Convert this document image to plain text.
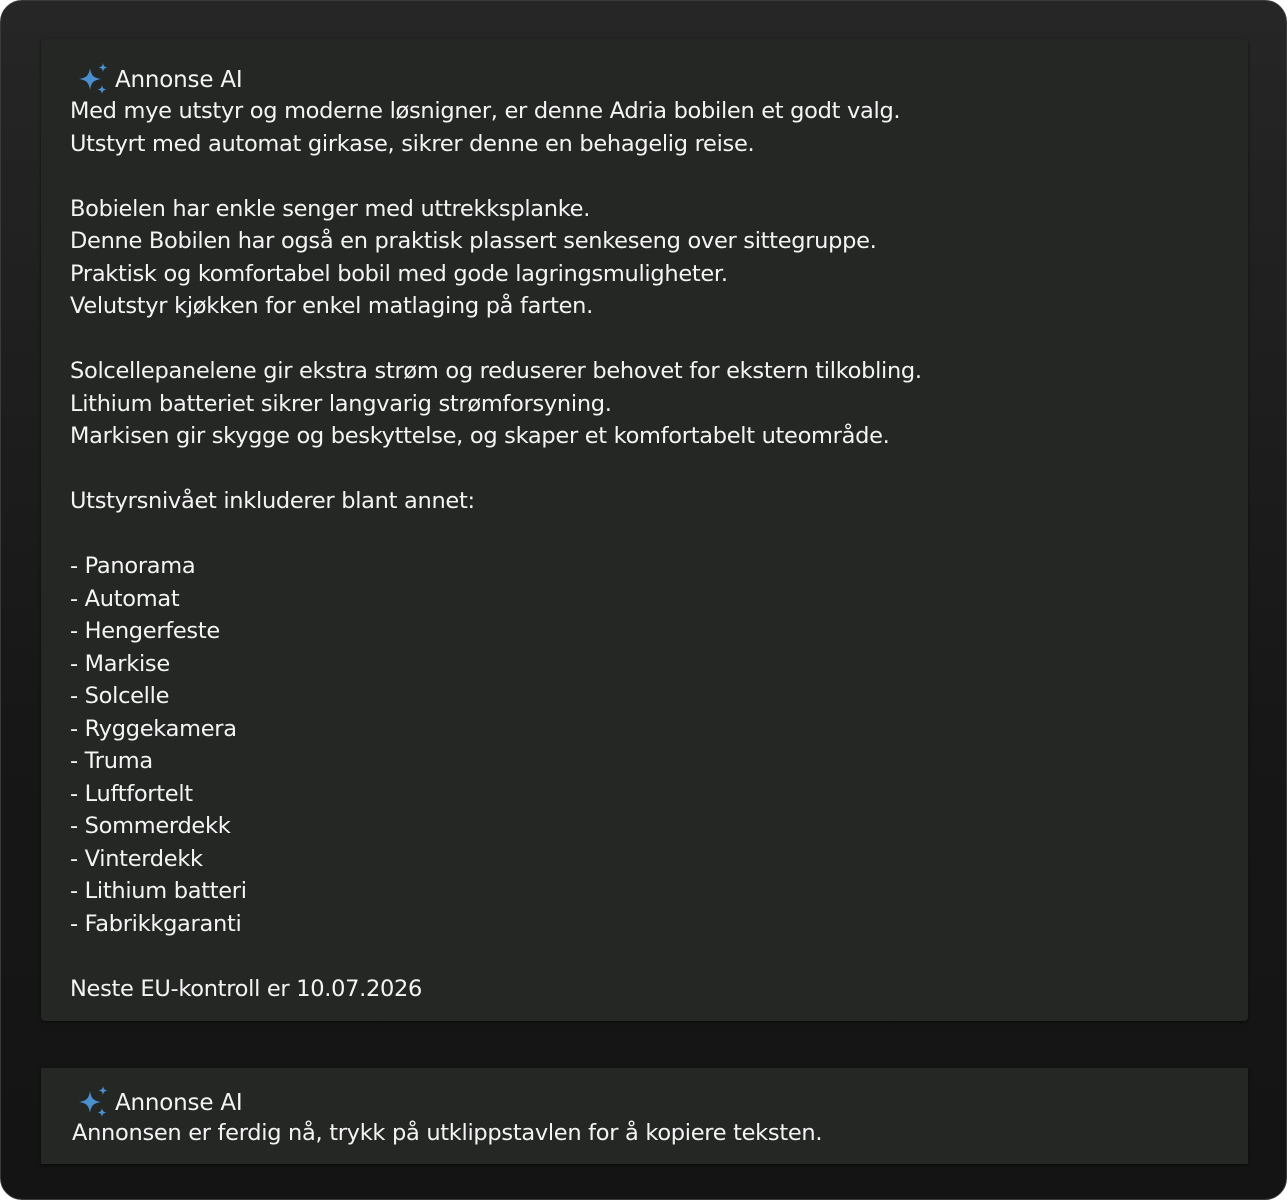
Annonse AI
Med mye utstyr og moderne løsnigner, er denne Adria bobilen et godt valg.
Utstyrt med automat girkase, sikrer denne en behagelig reise.
Bobielen har enkle senger med uttrekksplanke.
Denne Bobilen har også en praktisk plassert senkeseng over sittegruppe.
Praktisk og komfortabel bobil med gode lagringsmuligheter.
Velutstyr kjøkken for enkel matlaging på farten.
Solcellepanelene gir ekstra strøm og reduserer behovet for ekstern tilkobling.
Lithium batteriet sikrer langvarig strømforsyning.
Markisen gir skygge og beskyttelse, og skaper et komfortabelt uteområde.
Utstyrsnivået inkluderer blant annet:
- Panorama
- Automat
- Hengerfeste
- Markise
- Solcelle
- Ryggekamera
- Truma
- Luftfortelt
- Sommerdekk
- Vinterdekk
- Lithium batteri
- Fabrikkgaranti
Neste EU-kontroll er 10.07.2026
Annonse AI
Annonsen er ferdig nå, trykk på utklippstavlen for å kopiere teksten.
